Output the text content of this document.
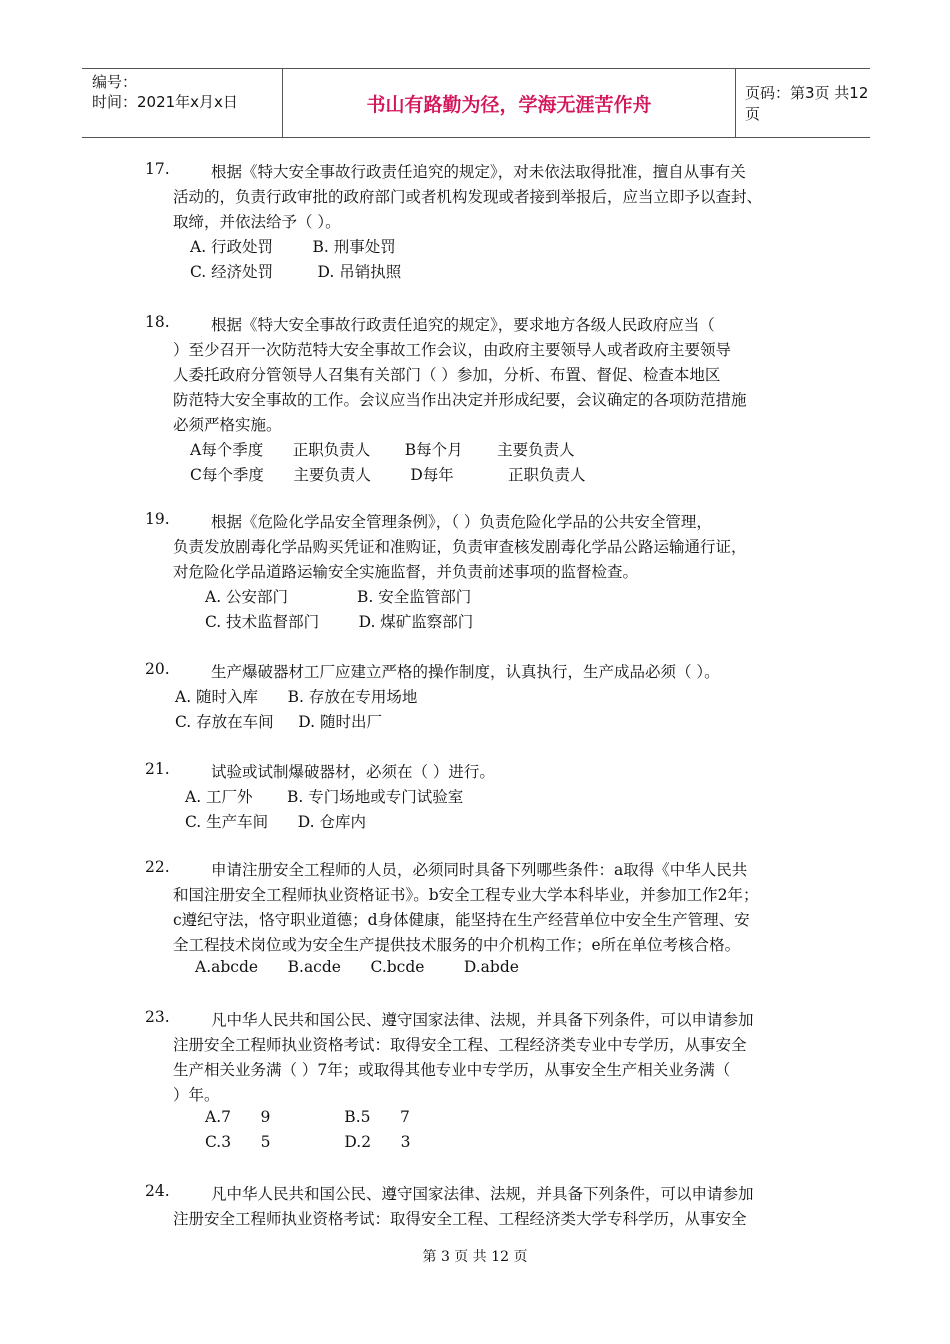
编号：
时间：2021年x月x日	书山有路勤为径，学海无涯苦作舟
页码：第3页 共12页
17.	根据《特大安全事故行政责任追究的规定》，对未依法取得批准，擅自从事有关
活动的，负责行政审批的政府部门或者机构发现或者接到举报后，应当立即予以查封、
取缔，并依法给予（ ）。
A. 行政处罚        B. 刑事处罚
C. 经济处罚         D. 吊销执照
18.	根据《特大安全事故行政责任追究的规定》，要求地方各级人民政府应当（
）至少召开一次防范特大安全事故工作会议，由政府主要领导人或者政府主要领导
人委托政府分管领导人召集有关部门（ ）参加，分析、布置、督促、检查本地区
防范特大安全事故的工作。会议应当作出决定并形成纪要，会议确定的各项防范措施
必须严格实施。
A每个季度      正职负责人       B每个月       主要负责人
C每个季度      主要负责人        D每年           正职负责人
19.	根据《危险化学品安全管理条例》，（ ）负责危险化学品的公共安全管理，
负责发放剧毒化学品购买凭证和准购证，负责审查核发剧毒化学品公路运输通行证，
对危险化学品道路运输安全实施监督，并负责前述事项的监督检查。
A. 公安部门              B. 安全监管部门
C. 技术监督部门        D. 煤矿监察部门
20.	生产爆破器材工厂应建立严格的操作制度，认真执行，生产成品必须（ ）。
A. 随时入库      B. 存放在专用场地
C. 存放在车间     D. 随时出厂
21.	试验或试制爆破器材，必须在（ ）进行。
A. 工厂外       B. 专门场地或专门试验室
C. 生产车间      D. 仓库内
22.	申请注册安全工程师的人员，必须同时具备下列哪些条件：a取得《中华人民共
和国注册安全工程师执业资格证书》。b安全工程专业大学本科毕业，并参加工作2年；
c遵纪守法，恪守职业道德；d身体健康，能坚持在生产经营单位中安全生产管理、安
全工程技术岗位或为安全生产提供技术服务的中介机构工作；e所在单位考核合格。
A.abcde      B.acde      C.bcde        D.abde
23.	凡中华人民共和国公民、遵守国家法律、法规，并具备下列条件，可以申请参加
注册安全工程师执业资格考试：取得安全工程、工程经济类专业中专学历，从事安全
生产相关业务满（ ）7年；或取得其他专业中专学历，从事安全生产相关业务满（
）年。
A.7      9               B.5      7
C.3      5               D.2      3
24.	凡中华人民共和国公民、遵守国家法律、法规，并具备下列条件，可以申请参加
注册安全工程师执业资格考试：取得安全工程、工程经济类大学专科学历，从事安全
第 3 页 共 12 页
